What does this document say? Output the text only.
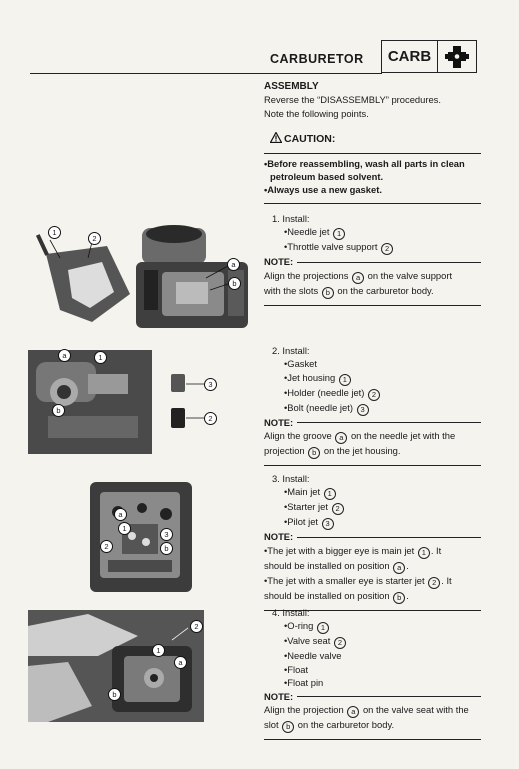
CARBURETOR	CARB
ASSEMBLY
Reverse the “DISASSEMBLY” procedures.
Note the following points.
CAUTION:
•Before reassembling, wash all parts in clean
petroleum based solvent.
•Always use a new gasket.
1. Install:
•Needle jet 1
•Throttle valve support 2
NOTE:
Align the projections a on the valve support
with the slots b on the carburetor body.
2. Install:
•Gasket
•Jet housing 1
•Holder (needle jet) 2
•Bolt (needle jet) 3
NOTE:
Align the groove a on the needle jet with the
projection b on the jet housing.
3. Install:
•Main jet 1
•Starter jet 2
•Pilot jet 3
NOTE:
•The jet with a bigger eye is main jet 1 . It
should be installed on position a .
•The jet with a smaller eye is starter jet 2 . It
should be installed on position b .
4. Install:
•O-ring 1
•Valve seat 2
•Needle valve
•Float
•Float pin
NOTE:
Align the projection a on the valve seat with the
slot b on the carburetor body.
1
2
a
b
a	1
b
3
2
a
1
2
3
b
2
1
a
b
